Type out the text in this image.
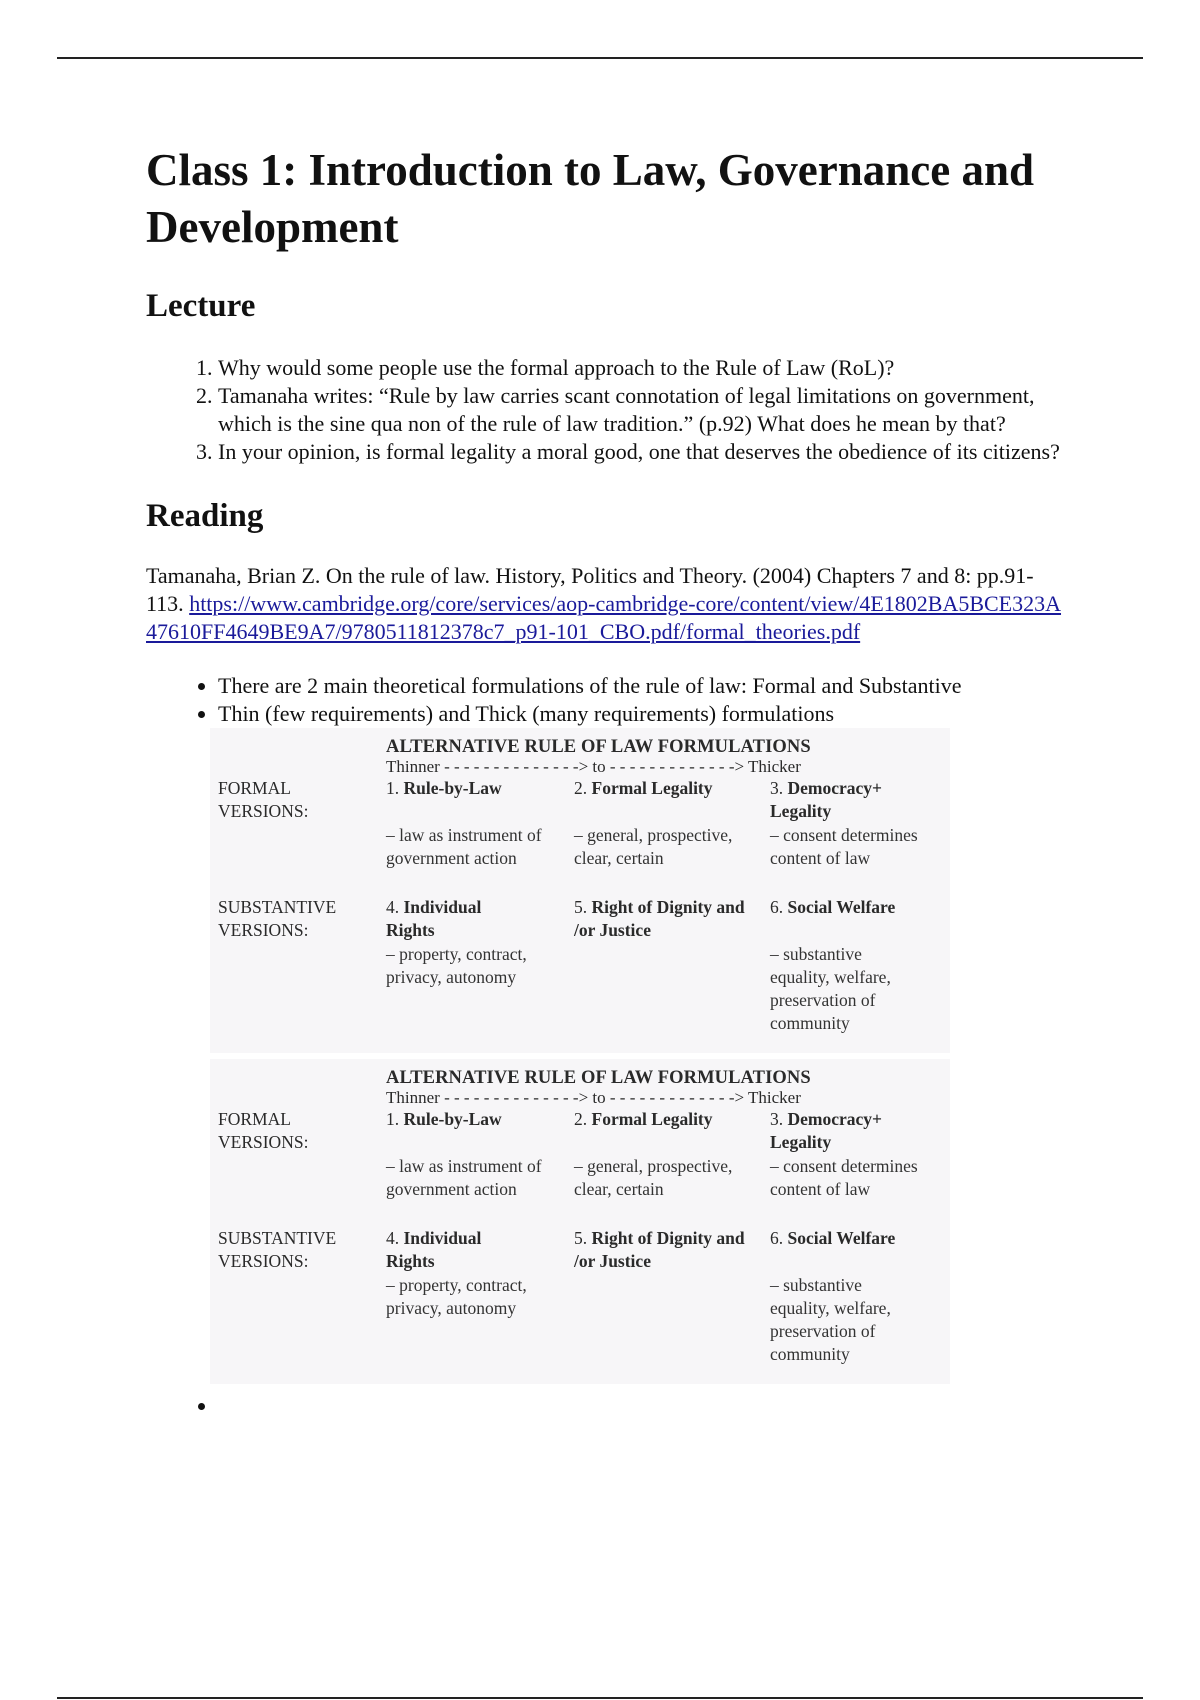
Class 1: Introduction to Law, Governance and Development
Lecture
1. Why would some people use the formal approach to the Rule of Law (RoL)?
2. Tamanaha writes: “Rule by law carries scant connotation of legal limitations on government, which is the sine qua non of the rule of law tradition.” (p.92) What does he mean by that?
3. In your opinion, is formal legality a moral good, one that deserves the obedience of its citizens?
Reading

Tamanaha, Brian Z. On the rule of law. History, Politics and Theory. (2004) Chapters 7 and 8: pp.91-113. https://www.cambridge.org/core/services/aop-cambridge-core/content/view/4E1802BA5BCE323A47610FF4649BE9A7/9780511812378c7_p91-101_CBO.pdf/formal_theories.pdf

• There are 2 main theoretical formulations of the rule of law: Formal and Substantive
• Thin (few requirements) and Thick (many requirements) formulations
ALTERNATIVE RULE OF LAW FORMULATIONS
Thinner - - - - - - - - - - - - - -> to - - - - - - - - - - - - -> Thicker
FORMAL
VERSIONS:
SUBSTANTIVE
VERSIONS:
1. Rule-by-Law
– law as instrument of government action
2. Formal Legality
– general, prospective, clear, certain
3. Democracy+ Legality
– consent determines content of law
4. Individual Rights
– property, contract, privacy, autonomy
5. Right of Dignity and /or Justice
6. Social Welfare
– substantive equality, welfare, preservation of community
ALTERNATIVE RULE OF LAW FORMULATIONS
Thinner - - - - - - - - - - - - - -> to - - - - - - - - - - - - -> Thicker
FORMAL
VERSIONS:
SUBSTANTIVE
VERSIONS:
1. Rule-by-Law
– law as instrument of government action
2. Formal Legality
– general, prospective, clear, certain
3. Democracy+ Legality
– consent determines content of law
4. Individual Rights
– property, contract, privacy, autonomy
5. Right of Dignity and /or Justice
6. Social Welfare
– substantive equality, welfare, preservation of community
•
